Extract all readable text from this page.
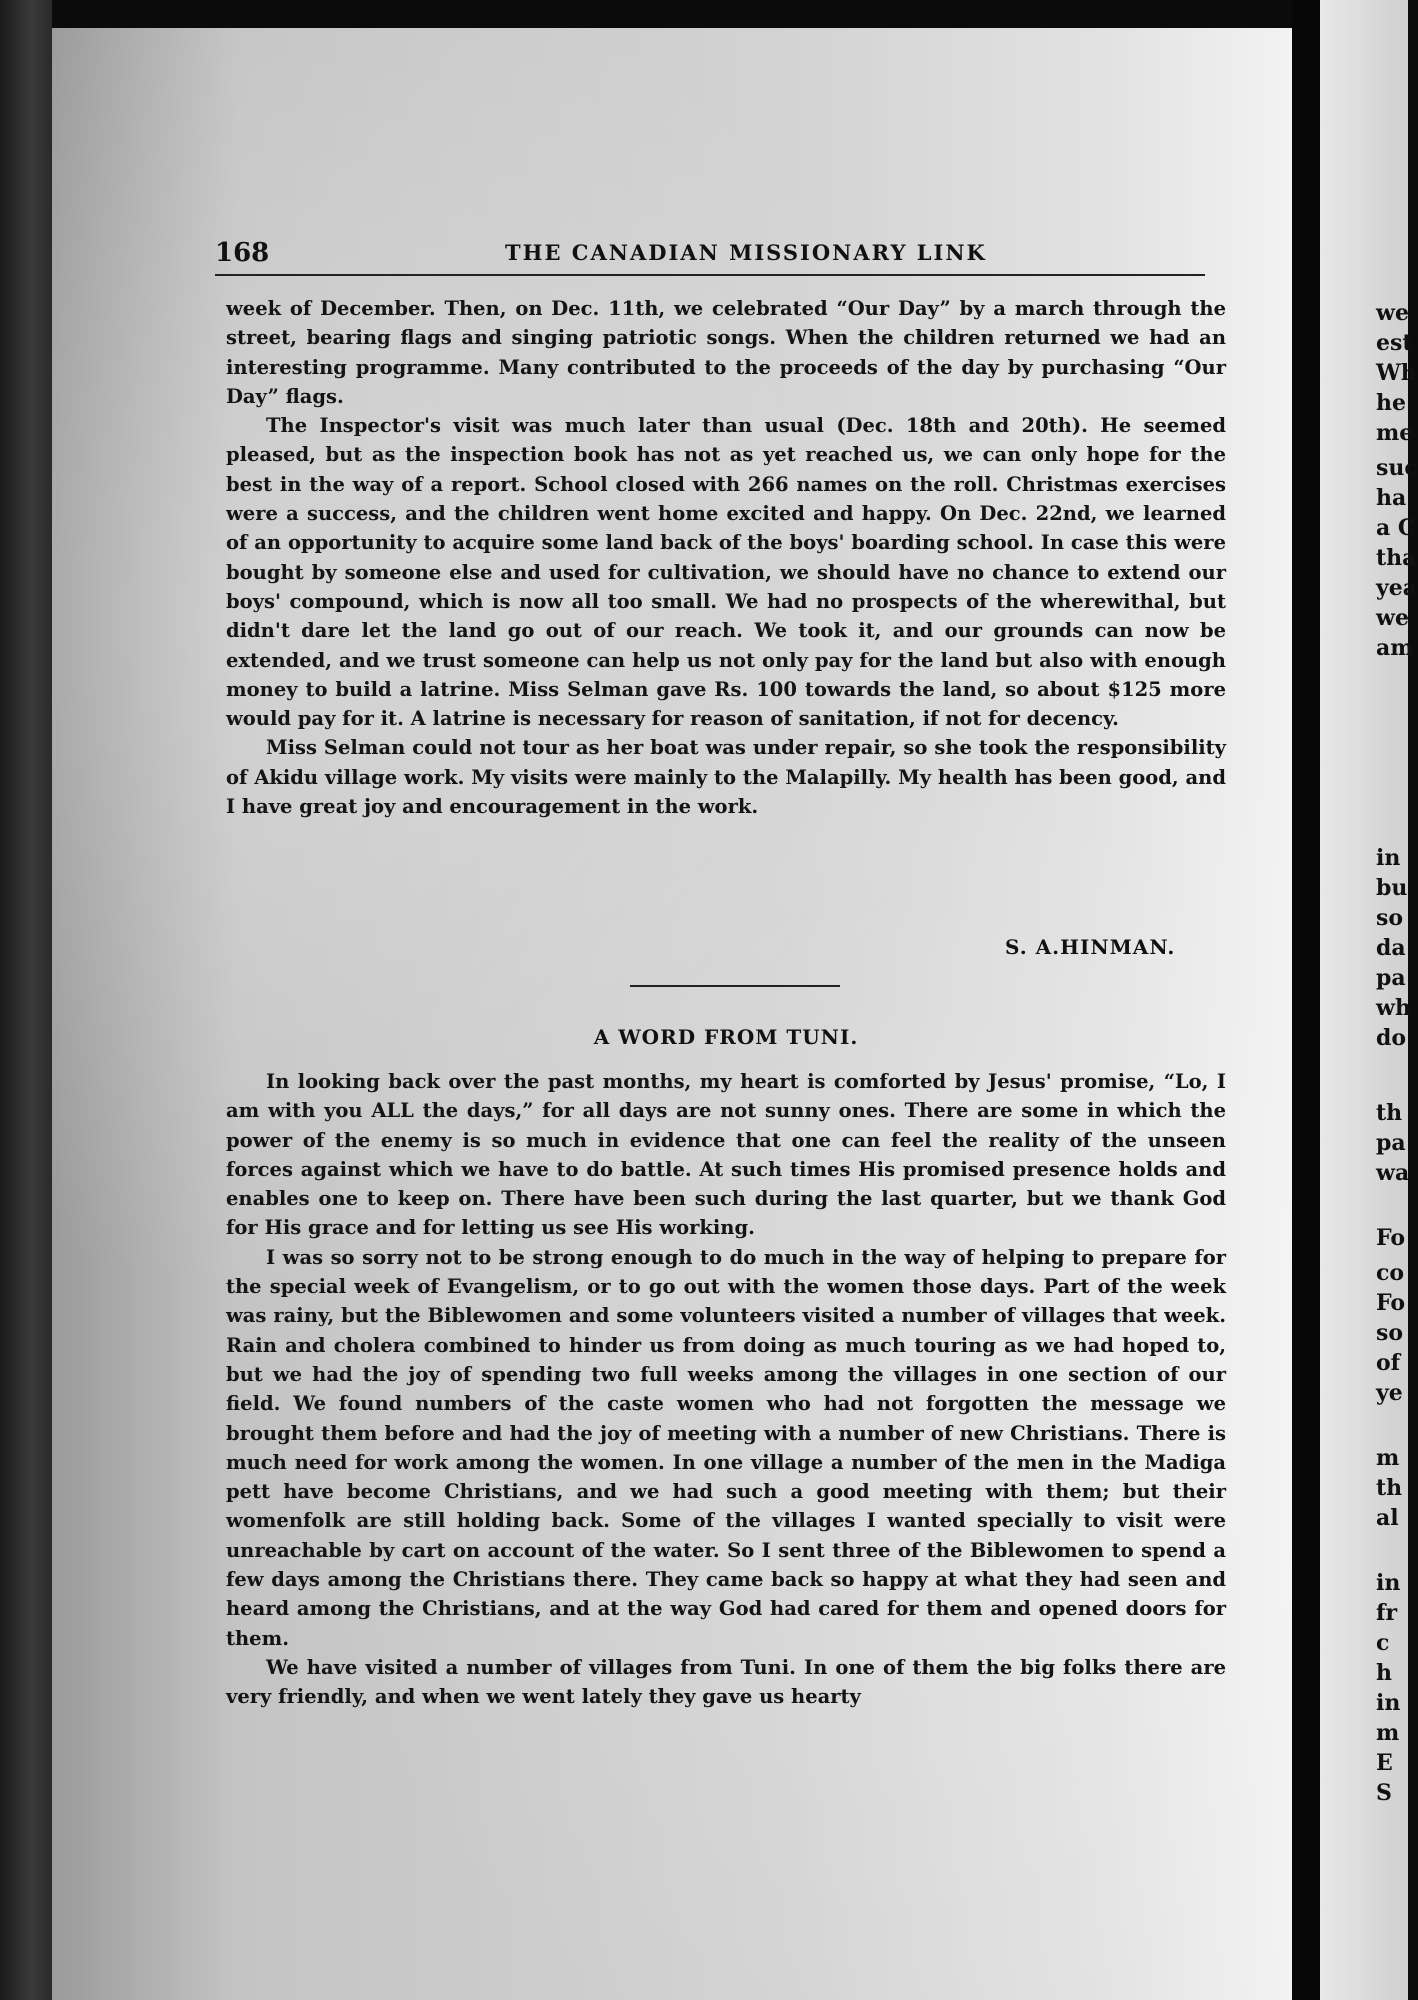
168	THE CANADIAN MISSIONARY LINK

week of December. Then, on Dec. 11th, we celebrated “Our Day” by a march through the street, bearing flags and singing patriotic songs. When the children returned we had an interesting programme. Many contributed to the proceeds of the day by purchasing “Our Day” flags.

The Inspector's visit was much later than usual (Dec. 18th and 20th). He seemed pleased, but as the inspection book has not as yet reached us, we can only hope for the best in the way of a report. School closed with 266 names on the roll. Christmas exercises were a success, and the children went home excited and happy. On Dec. 22nd, we learned of an opportunity to acquire some land back of the boys' boarding school. In case this were bought by someone else and used for cultivation, we should have no chance to extend our boys' compound, which is now all too small. We had no prospects of the wherewithal, but didn't dare let the land go out of our reach. We took it, and our grounds can now be extended, and we trust someone can help us not only pay for the land but also with enough money to build a latrine. Miss Selman gave Rs. 100 towards the land, so about $125 more would pay for it. A latrine is necessary for reason of sanitation, if not for decency.

Miss Selman could not tour as her boat was under repair, so she took the responsibility of Akidu village work. My visits were mainly to the Malapilly. My health has been good, and I have great joy and encouragement in the work.

S. A.HINMAN.
A WORD FROM TUNI.

In looking back over the past months, my heart is comforted by Jesus' promise, “Lo, I am with you ALL the days,” for all days are not sunny ones. There are some in which the power of the enemy is so much in evidence that one can feel the reality of the unseen forces against which we have to do battle. At such times His promised presence holds and enables one to keep on. There have been such during the last quarter, but we thank God for His grace and for letting us see His working.

I was so sorry not to be strong enough to do much in the way of helping to prepare for the special week of Evangelism, or to go out with the women those days. Part of the week was rainy, but the Biblewomen and some volunteers visited a number of villages that week. Rain and cholera combined to hinder us from doing as much touring as we had hoped to, but we had the joy of spending two full weeks among the villages in one section of our field. We found numbers of the caste women who had not forgotten the message we brought them before and had the joy of meeting with a number of new Christians. There is much need for work among the women. In one village a number of the men in the Madiga pett have become Christians, and we had such a good meeting with them; but their womenfolk are still holding back. Some of the villages I wanted specially to visit were unreachable by cart on account of the water. So I sent three of the Biblewomen to spend a few days among the Christians there. They came back so happy at what they had seen and heard among the Christians, and at the way God had cared for them and opened doors for them.

We have visited a number of villages from Tuni. In one of them the big folks there are very friendly, and when we went lately they gave us hearty

we
est
Wh
he
me
suc
ha
a C
tha
yea
we
am
in
bu
so
da
pa
wh
do
th
pa
wa
Fo
co
Fo
so
of
ye
m
th
al
in
fr
c
h
in
m
E
S
